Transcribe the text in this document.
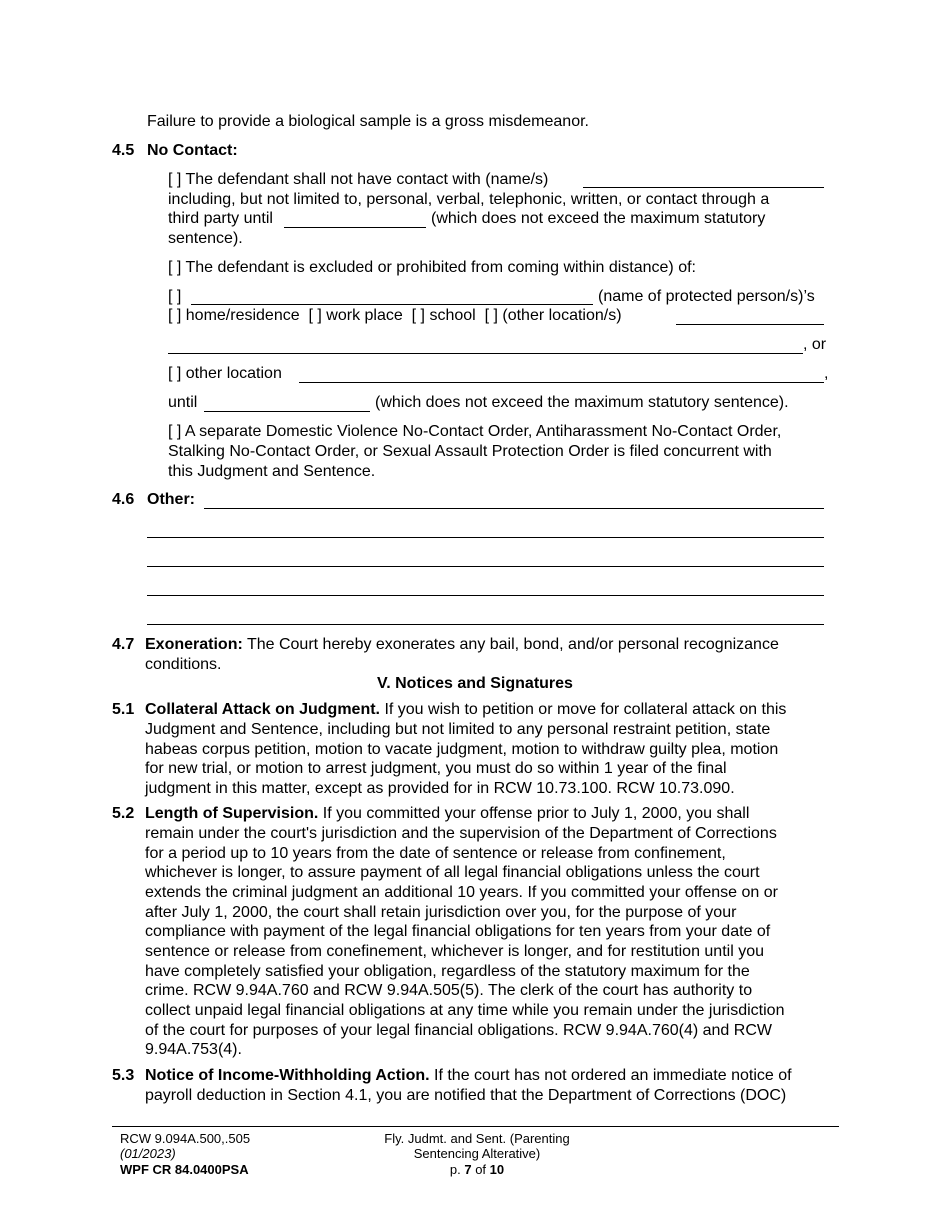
Failure to provide a biological sample is a gross misdemeanor.
4.5 No Contact:
[ ] The defendant shall not have contact with (name/s)
including, but not limited to, personal, verbal, telephonic, written, or contact through a
third party until	(which does not exceed the maximum statutory
sentence).
[ ] The defendant is excluded or prohibited from coming within distance) of:
[ ]	(name of protected person/s)’s
[ ] home/residence  [ ] work place  [ ] school  [ ] (other location/s)
, or
[ ] other location	,
until	(which does not exceed the maximum statutory sentence).
[ ] A separate Domestic Violence No-Contact Order, Antiharassment No-Contact Order,
Stalking No-Contact Order, or Sexual Assault Protection Order is filed concurrent with
this Judgment and Sentence.
4.6 Other:
4.7 Exoneration: The Court hereby exonerates any bail, bond, and/or personal recognizance
conditions.
V. Notices and Signatures
5.1 Collateral Attack on Judgment. If you wish to petition or move for collateral attack on this
Judgment and Sentence, including but not limited to any personal restraint petition, state
habeas corpus petition, motion to vacate judgment, motion to withdraw guilty plea, motion
for new trial, or motion to arrest judgment, you must do so within 1 year of the final
judgment in this matter, except as provided for in RCW 10.73.100. RCW 10.73.090.
5.2 Length of Supervision. If you committed your offense prior to July 1, 2000, you shall
remain under the court's jurisdiction and the supervision of the Department of Corrections
for a period up to 10 years from the date of sentence or release from confinement,
whichever is longer, to assure payment of all legal financial obligations unless the court
extends the criminal judgment an additional 10 years. If you committed your offense on or
after July 1, 2000, the court shall retain jurisdiction over you, for the purpose of your
compliance with payment of the legal financial obligations for ten years from your date of
sentence or release from conefinement, whichever is longer, and for restitution until you
have completely satisfied your obligation, regardless of the statutory maximum for the
crime. RCW 9.94A.760 and RCW 9.94A.505(5). The clerk of the court has authority to
collect unpaid legal financial obligations at any time while you remain under the jurisdiction
of the court for purposes of your legal financial obligations. RCW 9.94A.760(4) and RCW
9.94A.753(4).
5.3 Notice of Income-Withholding Action. If the court has not ordered an immediate notice of
payroll deduction in Section 4.1, you are notified that the Department of Corrections (DOC)
RCW 9.094A.500,.505
(01/2023)
WPF CR 84.0400PSA
Fly. Judmt. and Sent. (Parenting
Sentencing Alterative)
p. 7 of 10
